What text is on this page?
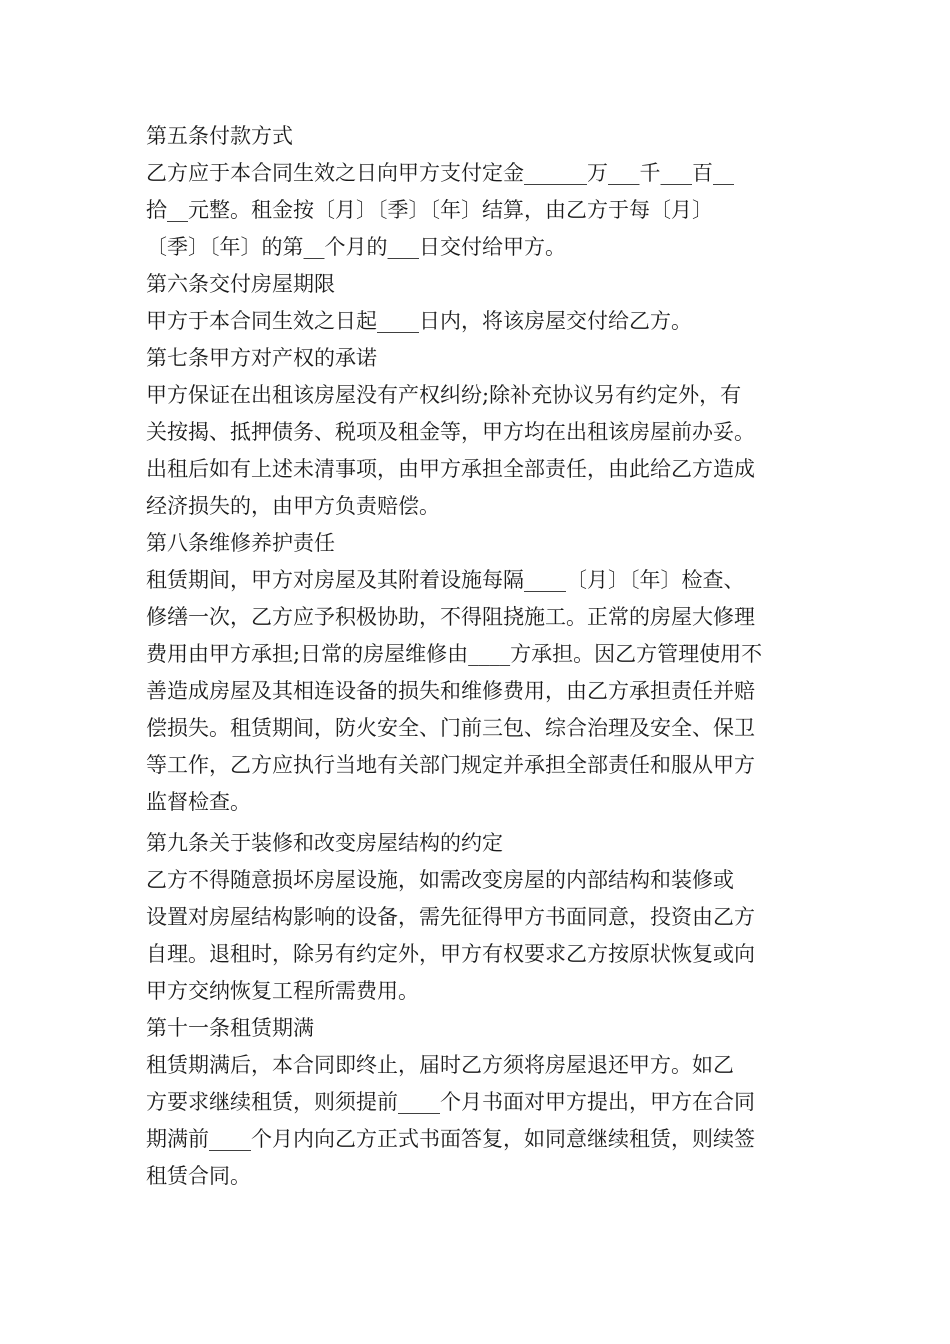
第五条付款方式

乙方应于本合同生效之日向甲方支付定金______万___千___百__

拾__元整。租金按〔月〕〔季〕〔年〕结算，由乙方于每〔月〕

〔季〕〔年〕的第__个月的___日交付给甲方。

第六条交付房屋期限

甲方于本合同生效之日起____日内，将该房屋交付给乙方。

第七条甲方对产权的承诺

甲方保证在出租该房屋没有产权纠纷;除补充协议另有约定外，有

关按揭、抵押债务、税项及租金等，甲方均在出租该房屋前办妥。

出租后如有上述未清事项，由甲方承担全部责任，由此给乙方造成

经济损失的，由甲方负责赔偿。

第八条维修养护责任

租赁期间，甲方对房屋及其附着设施每隔____〔月〕〔年〕检查、

修缮一次，乙方应予积极协助，不得阻挠施工。正常的房屋大修理

费用由甲方承担;日常的房屋维修由____方承担。因乙方管理使用不

善造成房屋及其相连设备的损失和维修费用，由乙方承担责任并赔

偿损失。租赁期间，防火安全、门前三包、综合治理及安全、保卫

等工作，乙方应执行当地有关部门规定并承担全部责任和服从甲方

监督检查。

第九条关于装修和改变房屋结构的约定

乙方不得随意损坏房屋设施，如需改变房屋的内部结构和装修或

设置对房屋结构影响的设备，需先征得甲方书面同意，投资由乙方

自理。退租时，除另有约定外，甲方有权要求乙方按原状恢复或向

甲方交纳恢复工程所需费用。

第十一条租赁期满

租赁期满后，本合同即终止，届时乙方须将房屋退还甲方。如乙

方要求继续租赁，则须提前____个月书面对甲方提出，甲方在合同

期满前____个月内向乙方正式书面答复，如同意继续租赁，则续签

租赁合同。
